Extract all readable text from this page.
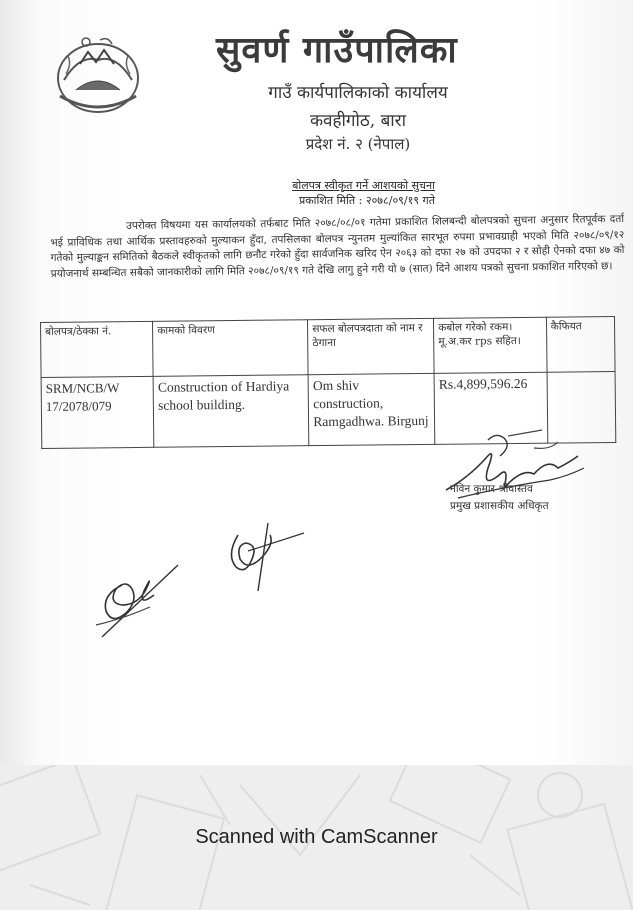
सुवर्ण गाउँपालिका
गाउँ कार्यपालिकाको कार्यालय
कवहीगोठ, बारा
प्रदेश नं. २ (नेपाल)
बोलपत्र स्वीकृत गर्ने आशयको सुचना
प्रकाशित मिति : २०७८/०९/१९ गते
उपरोक्त विषयमा यस कार्यालयको तर्फबाट मिति २०७८/०८/०१ गतेमा प्रकाशित शिलबन्दी बोलपत्रको सुचना अनुसार रितपूर्वक दर्ता भई प्राविधिक तथा आर्थिक प्रस्तावहरुको मुल्याकन हुँदा, तपसिलका बोलपत्र न्युनतम मुल्यांकित सारभूत रुपमा प्रभावग्राही भएको मिति २०७८/०९/१२ गतेको मुल्याङ्कन समितिको बैठकले स्वीकृतको लागि छनौट गरेको हुँदा सार्वजनिक खरिद ऐन २०६३ को दफा २७ को उपदफा २ र सोही ऐनको दफा ४७ को प्रयोजनार्थ सम्बन्धित सबैको जानकारीको लागि मिति २०७८/०९/१९ गते देखि लागु हुने गरी यो ७ (सात) दिने आशय पत्रको सुचना प्रकाशित गरिएको छ।
बोलपत्र/ठेक्का नं.	कामको विवरण	सफल बोलपत्रदाता को नाम र ठेगाना	कबोल गरेको रकम। मू.अ.कर rps सहित।	कैफियत
SRM/NCB/W 17/2078/079	Construction of Hardiya school building.	Om shiv construction, Ramgadhwa. Birgunj	Rs.4,899,596.26	
नविन कुमार श्रीवास्तव
प्रमुख प्रशासकीय अधिकृत
Scanned with CamScanner
